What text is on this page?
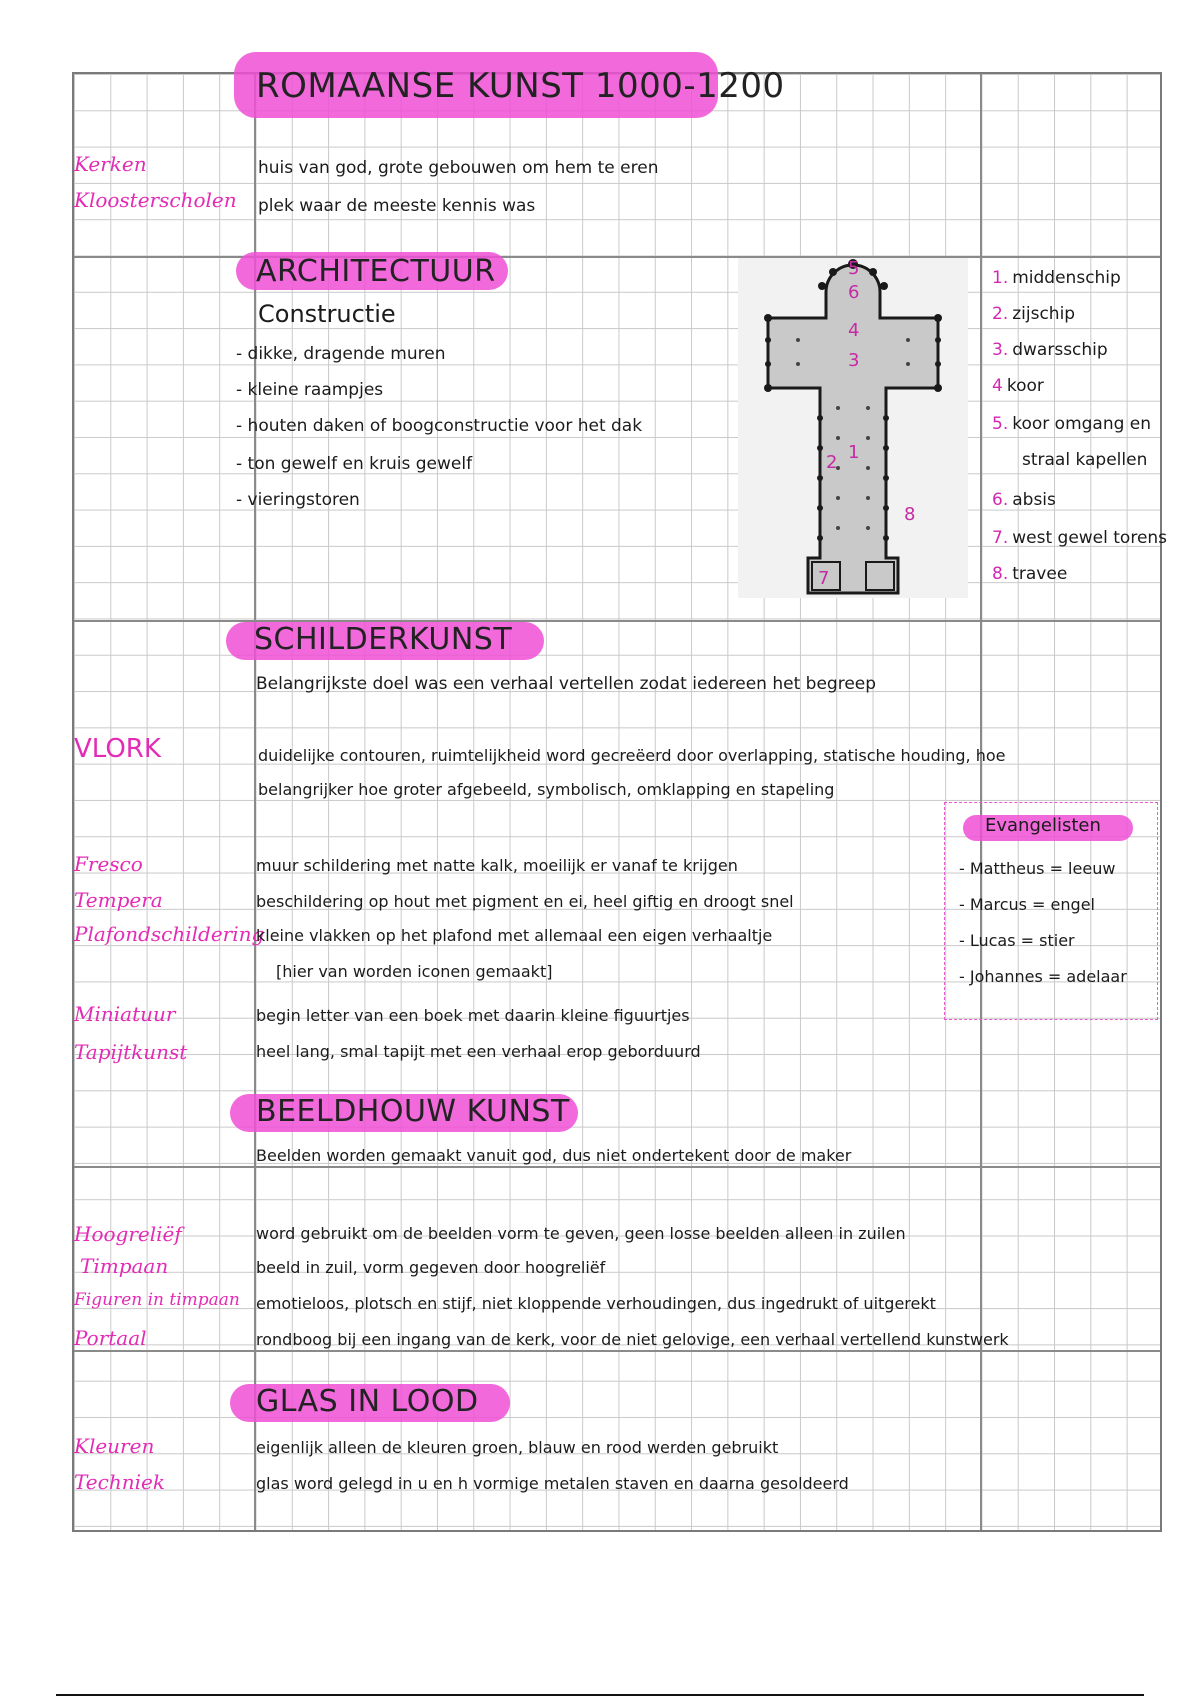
ROMAANSE KUNST 1000-1200
Kerken
Kloosterscholen
huis van god, grote gebouwen om hem te eren
plek waar de meeste kennis was
ARCHITECTUUR
Constructie
- dikke, dragende muren
- kleine raampjes
- houten daken of boogconstructie voor het dak
- ton gewelf en kruis gewelf
- vieringstoren
1
2
3
4
5
6
7
8
1. middenschip
2. zijschip
3. dwarsschip
4 koor
5. koor omgang en
straal kapellen
6. absis
7. west gewel torens
8. travee
SCHILDERKUNST
Belangrijkste doel was een verhaal vertellen zodat iedereen het begreep
VLORK	duidelijke contouren, ruimtelijkheid word gecreëerd door overlapping, statische houding, hoe
belangrijker hoe groter afgebeeld, symbolisch, omklapping en stapeling
Fresco
Tempera
Plafondschildering
muur schildering met natte kalk, moeilijk er vanaf te krijgen
beschildering op hout met pigment en ei, heel giftig en droogt snel
kleine vlakken op het plafond met allemaal een eigen verhaaltje
[hier van worden iconen gemaakt]
Miniatuur
Tapijtkunst
begin letter van een boek met daarin kleine figuurtjes
heel lang, smal tapijt met een verhaal erop geborduurd
Evangelisten
- Mattheus = leeuw
- Marcus = engel
- Lucas = stier
- Johannes = adelaar
BEELDHOUW KUNST
Beelden worden gemaakt vanuit god, dus niet ondertekent door de maker
Hoogreliëf
Timpaan
Figuren in timpaan
Portaal
word gebruikt om de beelden vorm te geven, geen losse beelden alleen in zuilen
beeld in zuil, vorm gegeven door hoogreliëf
emotieloos, plotsch en stijf, niet kloppende verhoudingen, dus ingedrukt of uitgerekt
rondboog bij een ingang van de kerk, voor de niet gelovige, een verhaal vertellend kunstwerk
GLAS IN LOOD
Kleuren
Techniek
eigenlijk alleen de kleuren groen, blauw en rood werden gebruikt
glas word gelegd in u en h vormige metalen staven en daarna gesoldeerd
